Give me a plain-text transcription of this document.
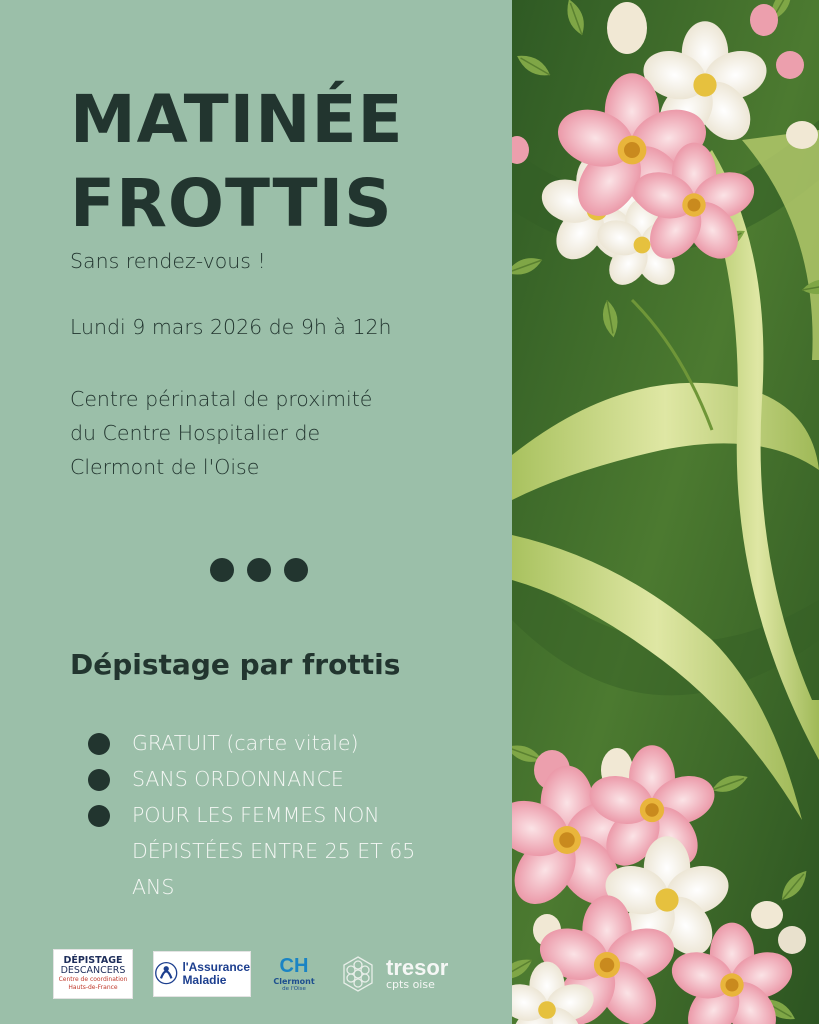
MATINÉE
FROTTIS

Sans rendez-vous !

Lundi 9 mars 2026 de 9h à 12h

Centre périnatal de proximité
du Centre Hospitalier de
Clermont de l'Oise

Dépistage par frottis
GRATUIT (carte vitale)
SANS ORDONNANCE
POUR LES FEMMES NON DÉPISTÉES ENTRE 25 ET 65 ANS
DÉPISTAGE
DESCANCERS
Centre de coordination
Hauts-de-France
l'Assurance
Maladie
CH
Clermont
de l'Oise
tresor
cpts oise
